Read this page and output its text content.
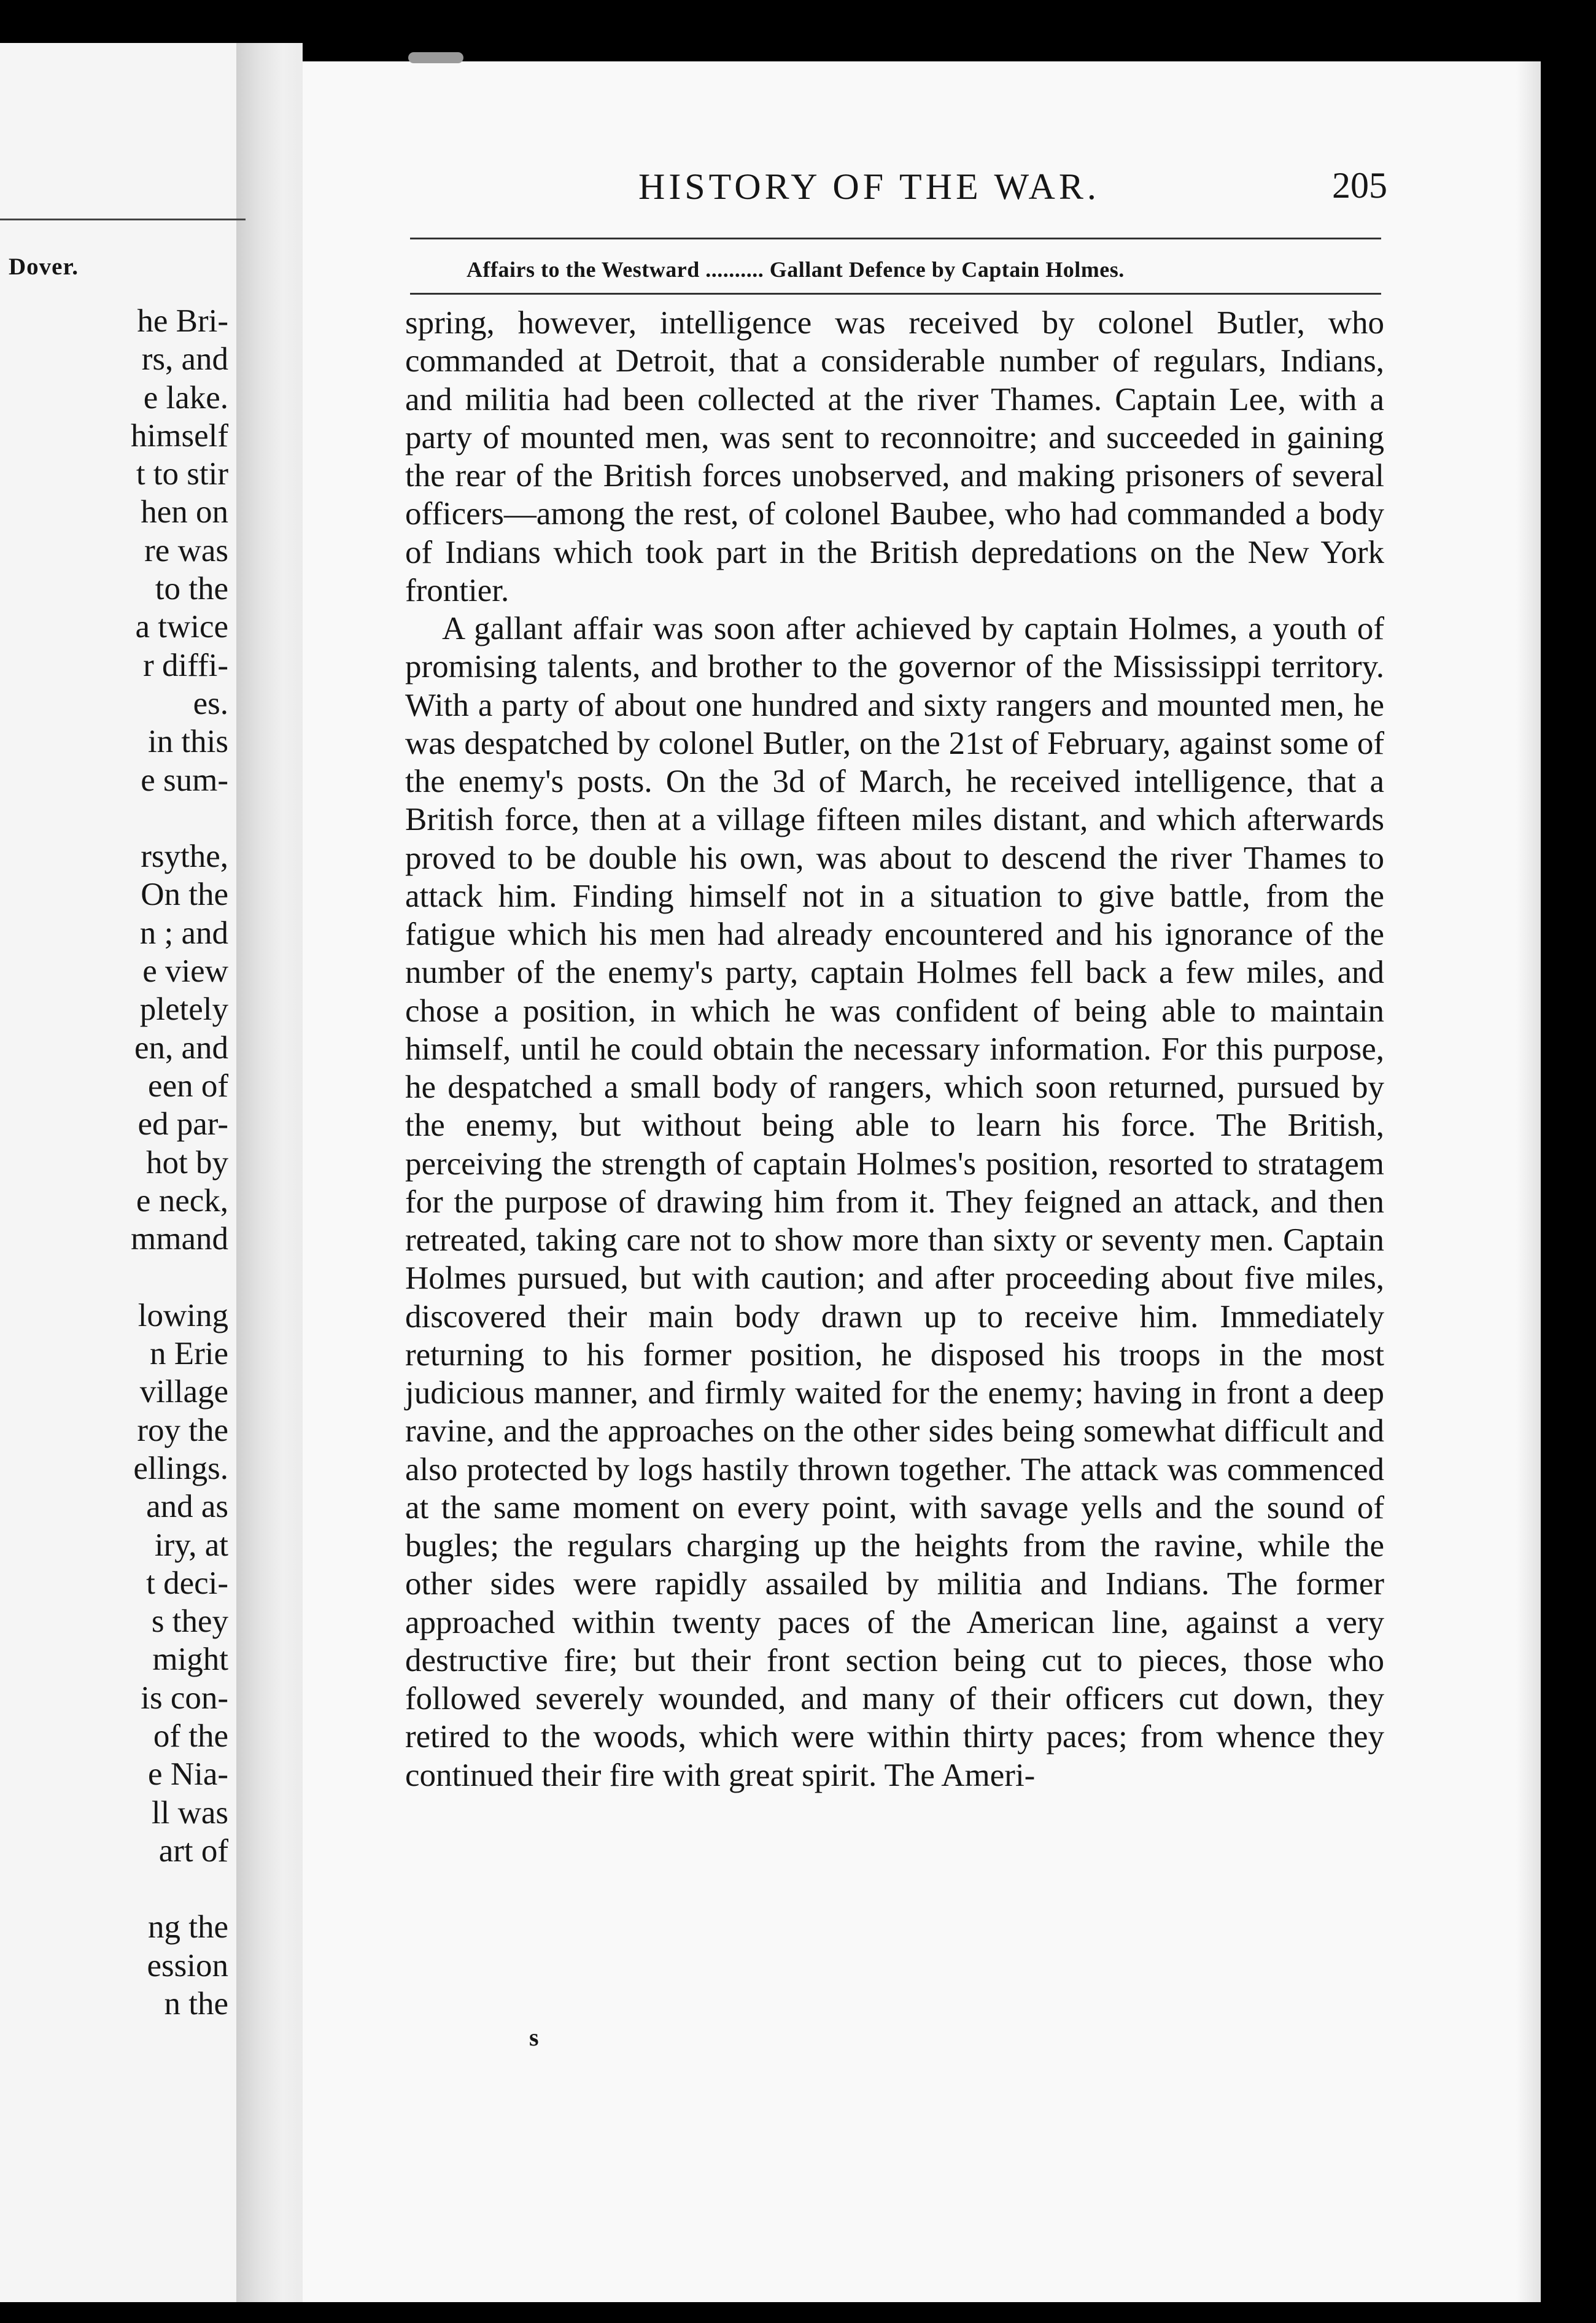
Dover.
he Bri-
rs, and
e lake.
himself
t to stir
hen on
re was
to the
a twice
r diffi-
es.
in this
e sum-
rsythe,
On the
n ; and
e view
pletely
en, and
een of
ed par-
hot by
e neck,
mmand
lowing
n Erie
village
roy the
ellings.
and as
iry, at
t deci-
s they
might
is con-
of the
e Nia-
ll was
art of
ng the
ession
n the
HISTORY OF THE WAR.	205
Affairs to the Westward .......... Gallant Defence by Captain Holmes.

spring, however, intelligence was received by colonel Butler, who commanded at Detroit, that a considerable number of regulars, Indians, and militia had been collected at the river Thames. Captain Lee, with a party of mounted men, was sent to reconnoitre; and succeeded in gaining the rear of the British forces unobserved, and making prisoners of several officers—among the rest, of colonel Baubee, who had commanded a body of Indians which took part in the British depredations on the New York frontier.

A gallant affair was soon after achieved by captain Holmes, a youth of promising talents, and brother to the governor of the Mississippi territory. With a party of about one hundred and sixty rangers and mounted men, he was despatched by colonel Butler, on the 21st of February, against some of the enemy's posts. On the 3d of March, he received intelligence, that a British force, then at a village fifteen miles distant, and which afterwards proved to be double his own, was about to descend the river Thames to attack him. Finding himself not in a situation to give battle, from the fatigue which his men had already encountered and his ignorance of the number of the enemy's party, captain Holmes fell back a few miles, and chose a position, in which he was confident of being able to maintain himself, until he could obtain the necessary information. For this purpose, he despatched a small body of rangers, which soon returned, pursued by the enemy, but without being able to learn his force. The British, perceiving the strength of captain Holmes's position, resorted to stratagem for the purpose of drawing him from it. They feigned an attack, and then retreated, taking care not to show more than sixty or seventy men. Captain Holmes pursued, but with caution; and after proceeding about five miles, discovered their main body drawn up to receive him. Immediately returning to his former position, he disposed his troops in the most judicious manner, and firmly waited for the enemy; having in front a deep ravine, and the approaches on the other sides being somewhat difficult and also protected by logs hastily thrown together. The attack was commenced at the same moment on every point, with savage yells and the sound of bugles; the regulars charging up the heights from the ravine, while the other sides were rapidly assailed by militia and Indians. The former approached within twenty paces of the American line, against a very destructive fire; but their front section being cut to pieces, those who followed severely wounded, and many of their officers cut down, they retired to the woods, which were within thirty paces; from whence they continued their fire with great spirit. The Ameri-

s
